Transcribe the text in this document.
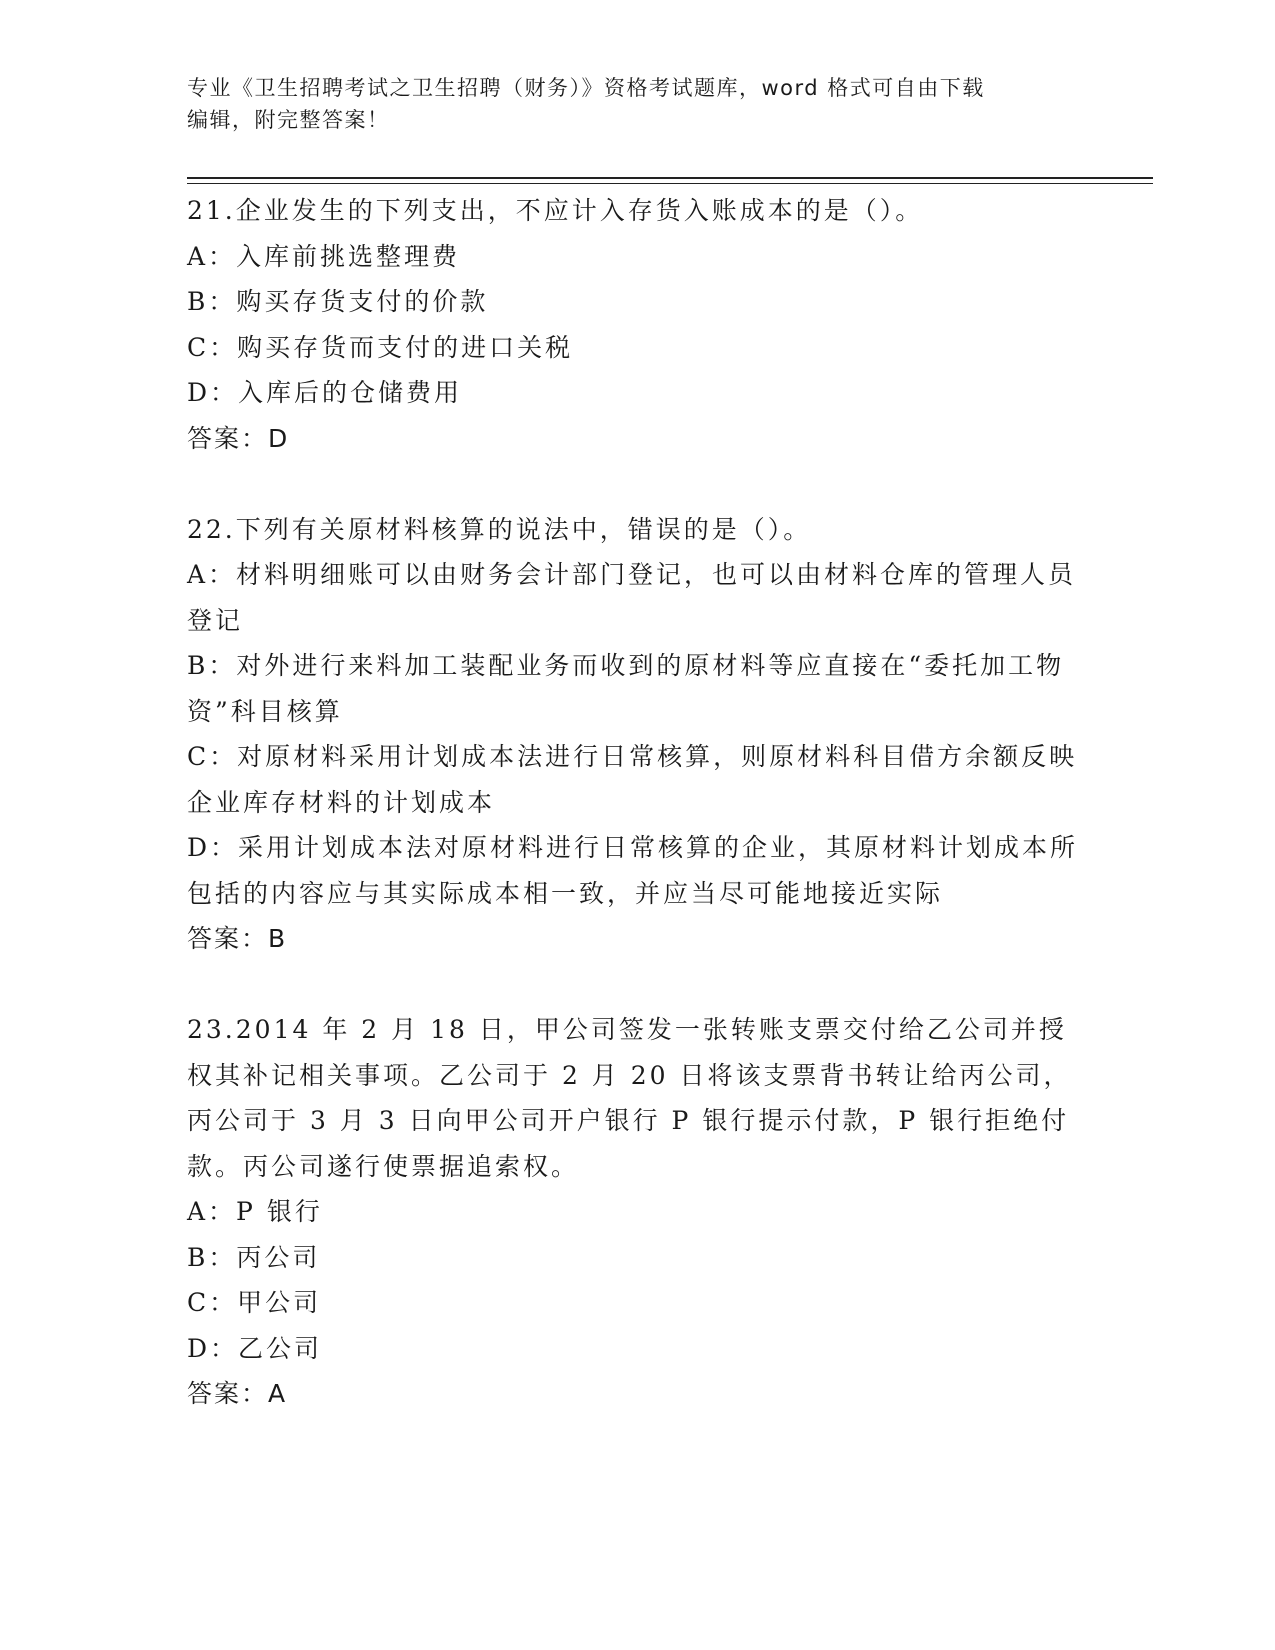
专业《卫生招聘考试之卫生招聘（财务）》资格考试题库，word 格式可自由下载
编辑，附完整答案！
21.企业发生的下列支出，不应计入存货入账成本的是（）。
A：入库前挑选整理费
B：购买存货支付的价款
C：购买存货而支付的进口关税
D：入库后的仓储费用
答案：D
22.下列有关原材料核算的说法中，错误的是（）。
A：材料明细账可以由财务会计部门登记，也可以由材料仓库的管理人员登记
B：对外进行来料加工装配业务而收到的原材料等应直接在“委托加工物资”科目核算
C：对原材料采用计划成本法进行日常核算，则原材料科目借方余额反映企业库存材料的计划成本
D：采用计划成本法对原材料进行日常核算的企业，其原材料计划成本所包括的内容应与其实际成本相一致，并应当尽可能地接近实际
答案：B
23.2014 年 2 月 18 日，甲公司签发一张转账支票交付给乙公司并授权其补记相关事项。乙公司于 2 月 20 日将该支票背书转让给丙公司，丙公司于 3 月 3 日向甲公司开户银行 P 银行提示付款，P 银行拒绝付款。丙公司遂行使票据追索权。
A：P 银行
B：丙公司
C：甲公司
D：乙公司
答案：A
